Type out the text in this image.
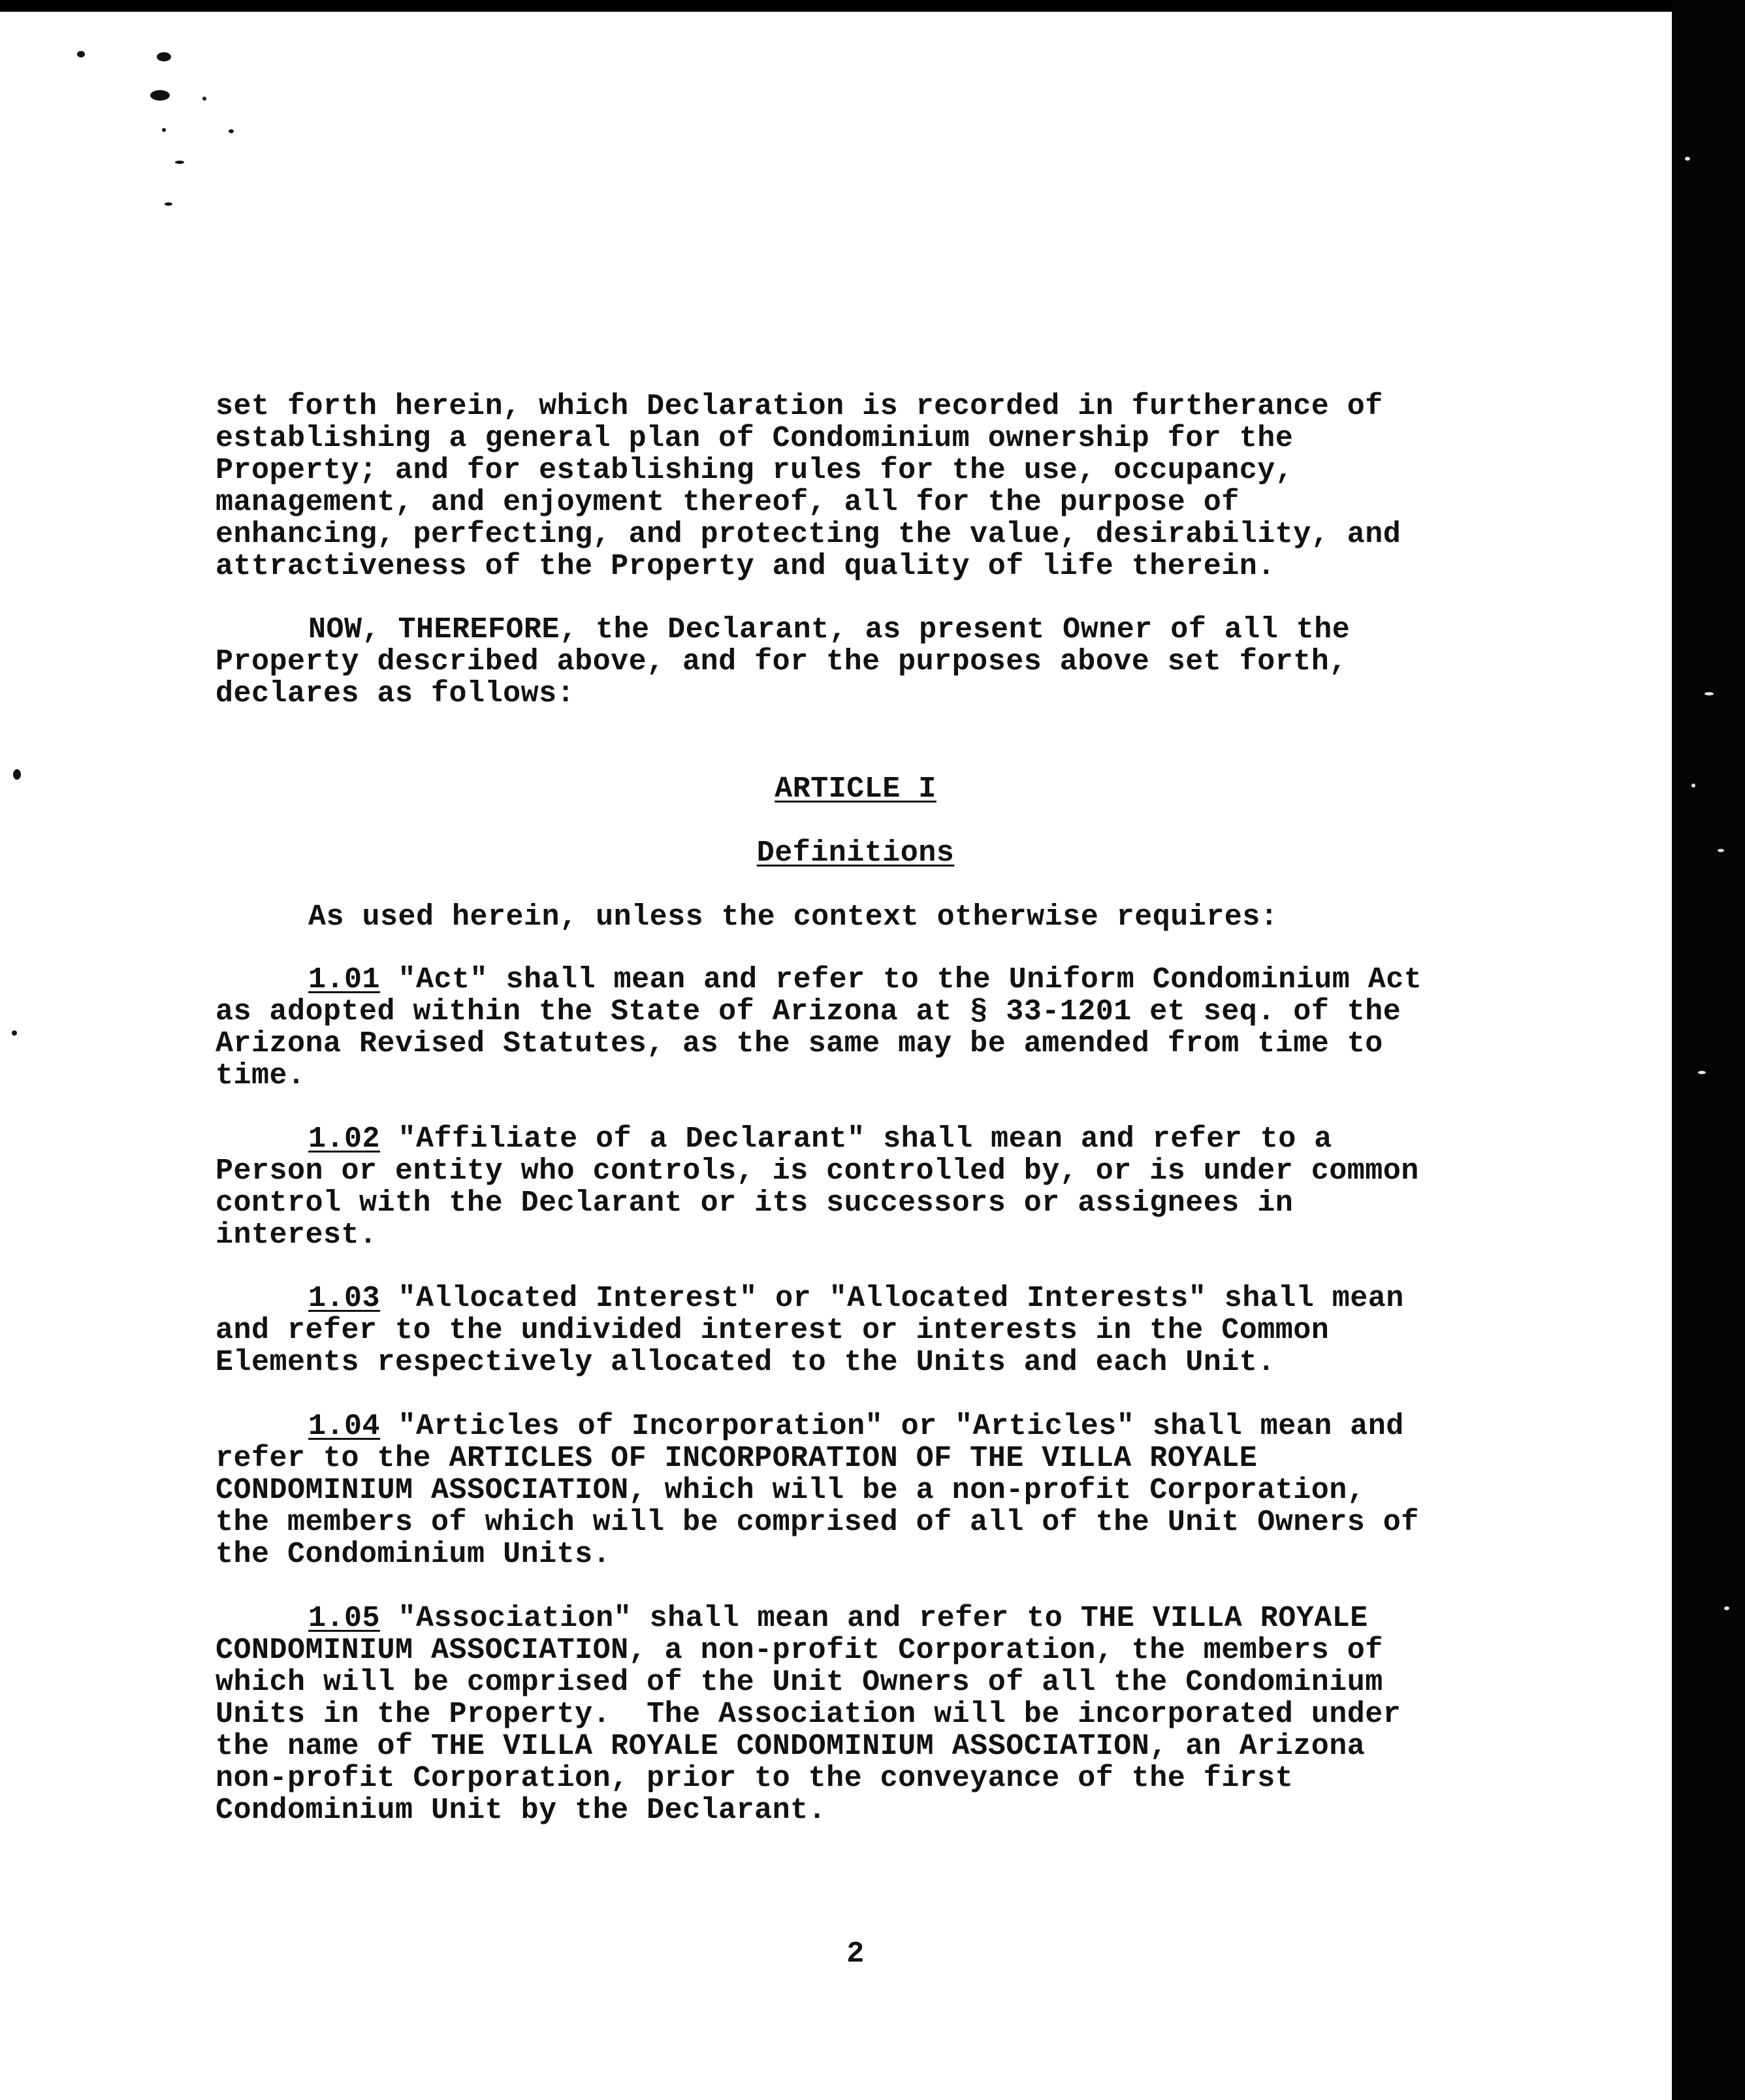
set forth herein, which Declaration is recorded in furtherance of
establishing a general plan of Condominium ownership for the
Property; and for establishing rules for the use, occupancy,
management, and enjoyment thereof, all for the purpose of
enhancing, perfecting, and protecting the value, desirability, and
attractiveness of the Property and quality of life therein.
NOW, THEREFORE, the Declarant, as present Owner of all the
Property described above, and for the purposes above set forth,
declares as follows:
ARTICLE I
Definitions
As used herein, unless the context otherwise requires:
1.01 "Act" shall mean and refer to the Uniform Condominium Act
as adopted within the State of Arizona at § 33-1201 et seq. of the
Arizona Revised Statutes, as the same may be amended from time to
time.
1.02 "Affiliate of a Declarant" shall mean and refer to a
Person or entity who controls, is controlled by, or is under common
control with the Declarant or its successors or assignees in
interest.
1.03 "Allocated Interest" or "Allocated Interests" shall mean
and refer to the undivided interest or interests in the Common
Elements respectively allocated to the Units and each Unit.
1.04 "Articles of Incorporation" or "Articles" shall mean and
refer to the ARTICLES OF INCORPORATION OF THE VILLA ROYALE
CONDOMINIUM ASSOCIATION, which will be a non-profit Corporation,
the members of which will be comprised of all of the Unit Owners of
the Condominium Units.
1.05 "Association" shall mean and refer to THE VILLA ROYALE
CONDOMINIUM ASSOCIATION, a non-profit Corporation, the members of
which will be comprised of the Unit Owners of all the Condominium
Units in the Property.  The Association will be incorporated under
the name of THE VILLA ROYALE CONDOMINIUM ASSOCIATION, an Arizona
non-profit Corporation, prior to the conveyance of the first
Condominium Unit by the Declarant.
2
